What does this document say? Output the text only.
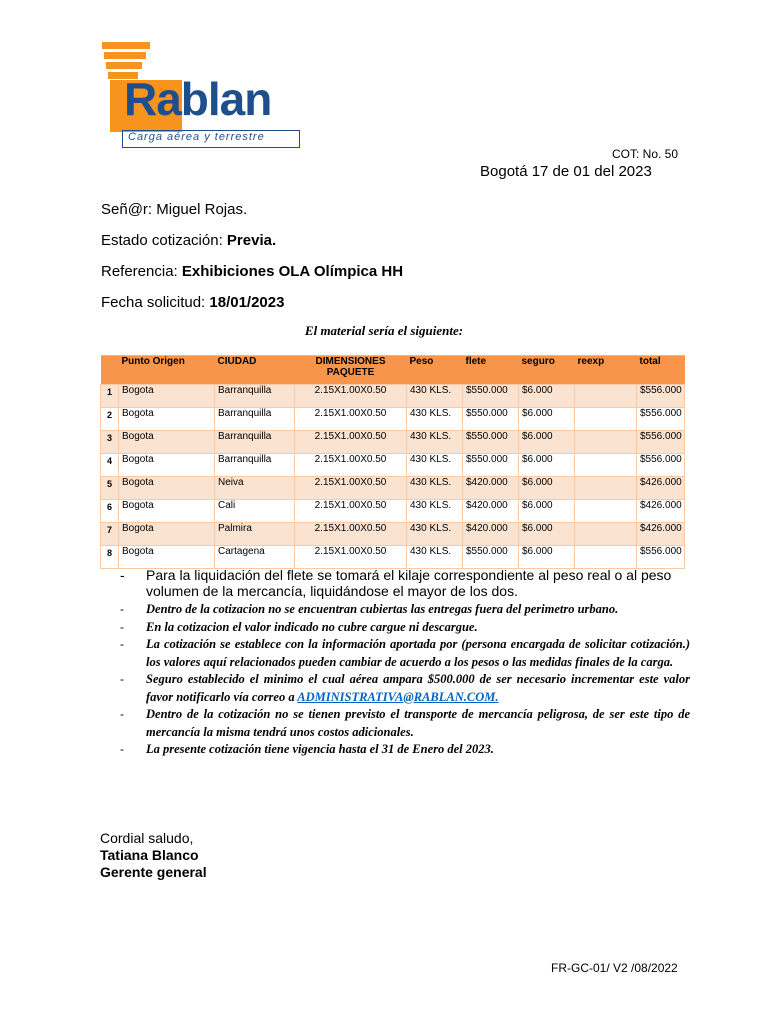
Rablan
Carga aérea y terrestre
COT: No. 50
Bogotá 17 de 01 del 2023
Señ@r: Miguel Rojas.
Estado cotización: Previa.
Referencia: Exhibiciones OLA Olímpica HH
Fecha solicitud: 18/01/2023
El material sería el siguiente:
	Punto Origen	CIUDAD	DIMENSIONES PAQUETE	Peso	flete	seguro	reexp	total
1	Bogota	Barranquilla	2.15X1.00X0.50	430 KLS.	$550.000	$6.000		$556.000
2	Bogota	Barranquilla	2.15X1.00X0.50	430 KLS.	$550.000	$6.000		$556.000
3	Bogota	Barranquilla	2.15X1.00X0.50	430 KLS.	$550.000	$6.000		$556.000
4	Bogota	Barranquilla	2.15X1.00X0.50	430 KLS.	$550.000	$6.000		$556.000
5	Bogota	Neiva	2.15X1.00X0.50	430 KLS.	$420.000	$6.000		$426.000
6	Bogota	Cali	2.15X1.00X0.50	430 KLS.	$420.000	$6.000		$426.000
7	Bogota	Palmira	2.15X1.00X0.50	430 KLS.	$420.000	$6.000		$426.000
8	Bogota	Cartagena	2.15X1.00X0.50	430 KLS.	$550.000	$6.000		$556.000

- Para la liquidación del flete se tomará el kilaje correspondiente al peso real o al peso volumen de la mercancía, liquidándose el mayor de los dos.

- Dentro de la cotizacion no se encuentran cubiertas las entregas fuera del perimetro urbano.

- En la cotizacion el valor indicado no cubre cargue ni descargue.

- La cotización se establece con la información aportada por (persona encargada de solicitar cotización.) los valores aquí relacionados pueden cambiar de acuerdo a los pesos o las medidas finales de la carga.

- Seguro establecido el minimo el cual aérea ampara $500.000 de ser necesario incrementar este valor favor notificarlo vía correo a ADMINISTRATIVA@RABLAN.COM.

- Dentro de la cotización no se tienen previsto el transporte de mercancía peligrosa, de ser este tipo de mercancía la misma tendrá unos costos adicionales.

- La presente cotización tiene vigencia hasta el 31 de Enero del 2023.

Cordial saludo,
Tatiana Blanco
Gerente general
FR-GC-01/ V2 /08/2022
